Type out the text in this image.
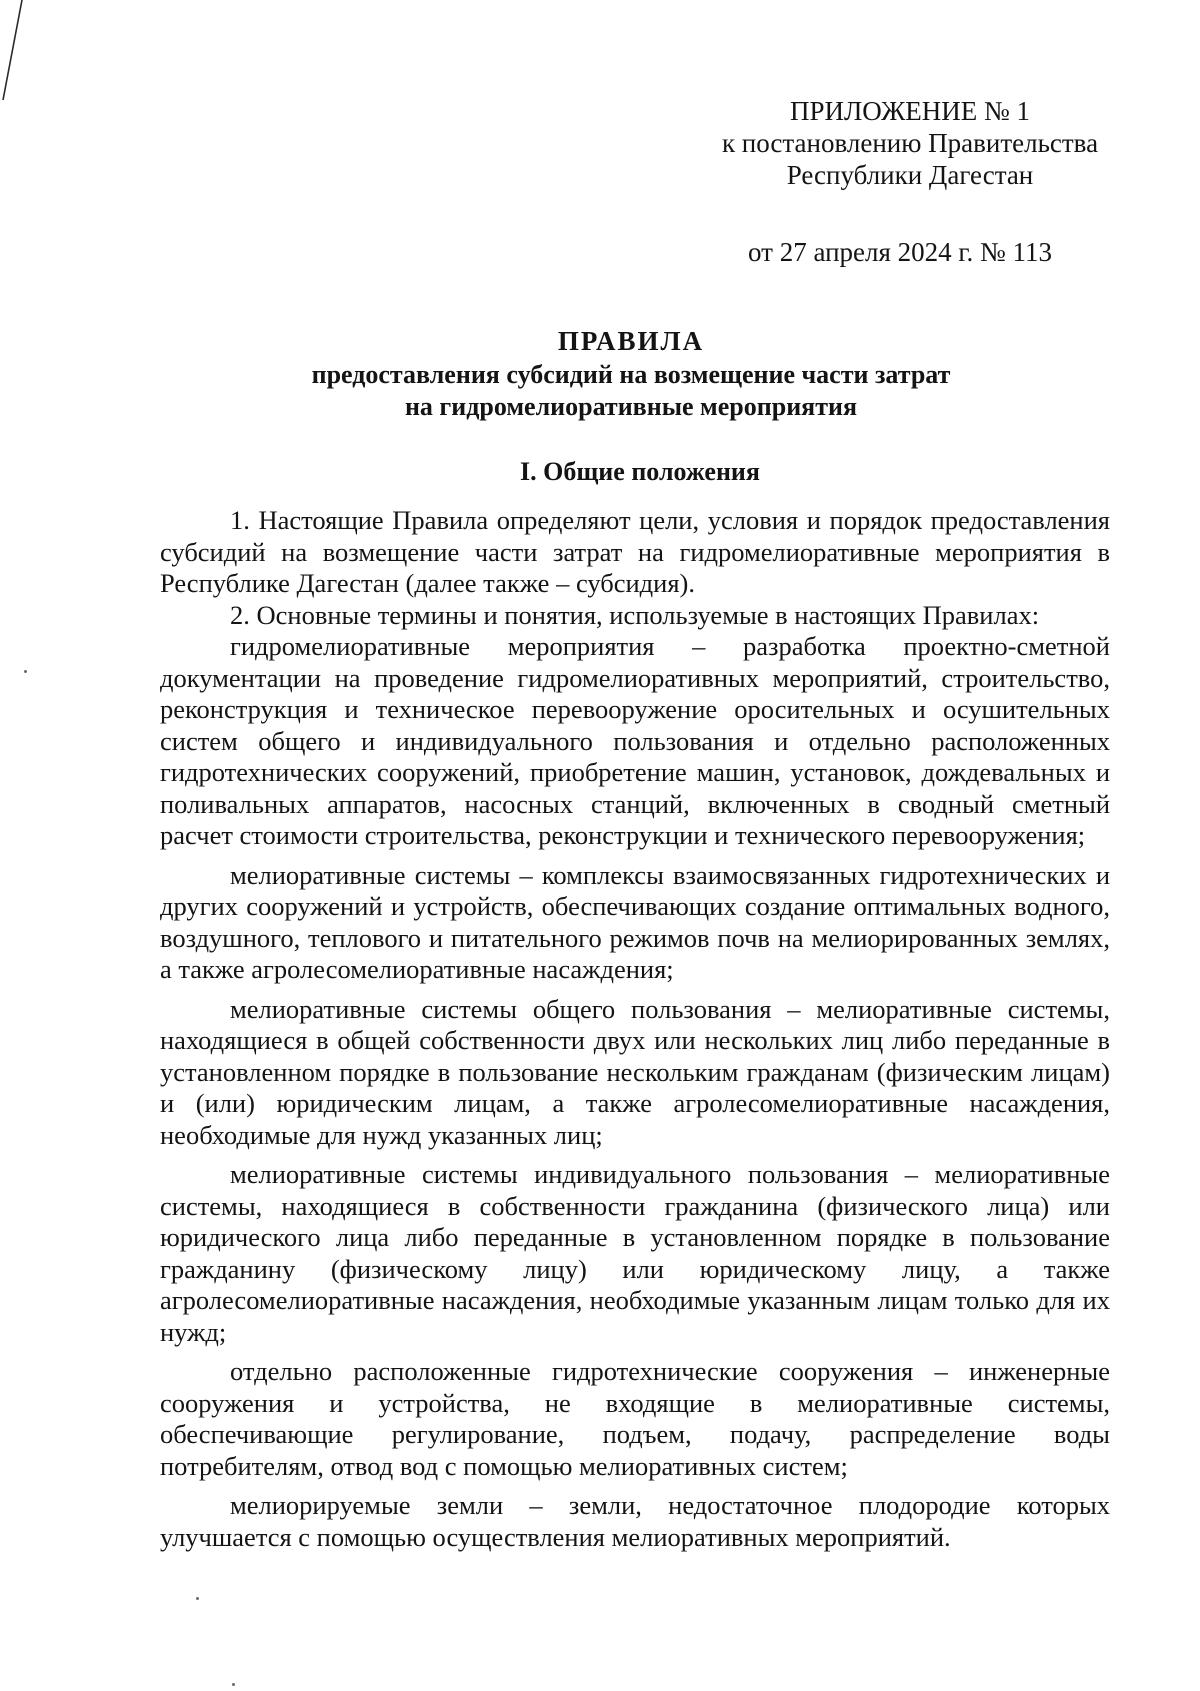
ПРИЛОЖЕНИЕ № 1
к постановлению Правительства
Республики Дагестан
от 27 апреля 2024 г. № 113
ПРАВИЛА
предоставления субсидий на возмещение части затрат
на гидромелиоративные мероприятия
I. Общие положения

1. Настоящие Правила определяют цели, условия и порядок предоставления субсидий на возмещение части затрат на гидромелиоративные мероприятия в Республике Дагестан (далее также – субсидия).

2. Основные термины и понятия, используемые в настоящих Правилах:

гидромелиоративные мероприятия – разработка проектно-сметной документации на проведение гидромелиоративных мероприятий, строительство, реконструкция и техническое перевооружение оросительных и осушительных систем общего и индивидуального пользования и отдельно расположенных гидротехнических сооружений, приобретение машин, установок, дождевальных и поливальных аппаратов, насосных станций, включенных в сводный сметный расчет стоимости строительства, реконструкции и технического перевооружения;

мелиоративные системы – комплексы взаимосвязанных гидротехнических и других сооружений и устройств, обеспечивающих создание оптимальных водного, воздушного, теплового и питательного режимов почв на мелиорированных землях, а также агролесомелиоративные насаждения;

мелиоративные системы общего пользования – мелиоративные системы, находящиеся в общей собственности двух или нескольких лиц либо переданные в установленном порядке в пользование нескольким гражданам (физическим лицам) и (или) юридическим лицам, а также агролесомелиоративные насаждения, необходимые для нужд указанных лиц;

мелиоративные системы индивидуального пользования – мелиоративные системы, находящиеся в собственности гражданина (физического лица) или юридического лица либо переданные в установленном порядке в пользование гражданину (физическому лицу) или юридическому лицу, а также агролесомелиоративные насаждения, необходимые указанным лицам только для их нужд;

отдельно расположенные гидротехнические сооружения – инженерные сооружения и устройства, не входящие в мелиоративные системы, обеспечивающие регулирование, подъем, подачу, распределение воды потребителям, отвод вод с помощью мелиоративных систем;

мелиорируемые земли – земли, недостаточное плодородие которых улучшается с помощью осуществления мелиоративных мероприятий.
